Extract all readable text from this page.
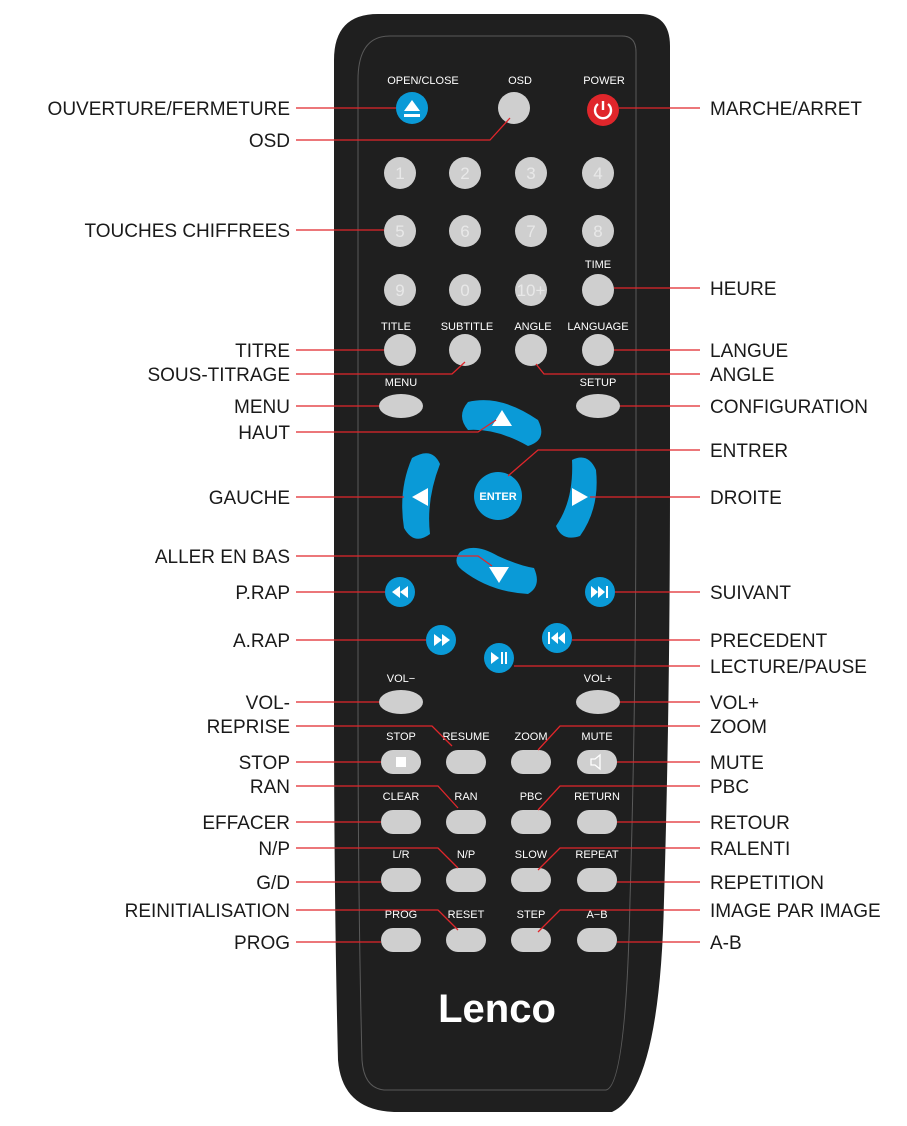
OPEN/CLOSE	OSD	POWER
1	2	3	4
5	6	7	8
9	0	10+
TIME
TITLE	SUBTITLE ANGLE LANGUAGE
MENU	SETUP
ENTER
VOL−	VOL+
STOP RESUME ZOOM	MUTE
CLEAR	RAN	PBC	RETURN
L/R	N/P	SLOW	REPEAT
PROG	RESET	STEP	A−B
Lenco
OUVERTURE/FERMETURE
OSD
TOUCHES CHIFFREES
TITRE
SOUS-TITRAGE
MENU
HAUT
GAUCHE
ALLER EN BAS
P.RAP
A.RAP
VOL-
REPRISE
STOP
RAN
EFFACER
N/P
G/D
REINITIALISATION
PROG
MARCHE/ARRET
HEURE
LANGUE
ANGLE
CONFIGURATION
ENTRER
DROITE
SUIVANT
PRECEDENT
LECTURE/PAUSE
VOL+
ZOOM
MUTE
PBC
RETOUR
RALENTI
REPETITION
IMAGE PAR IMAGE
A-B
